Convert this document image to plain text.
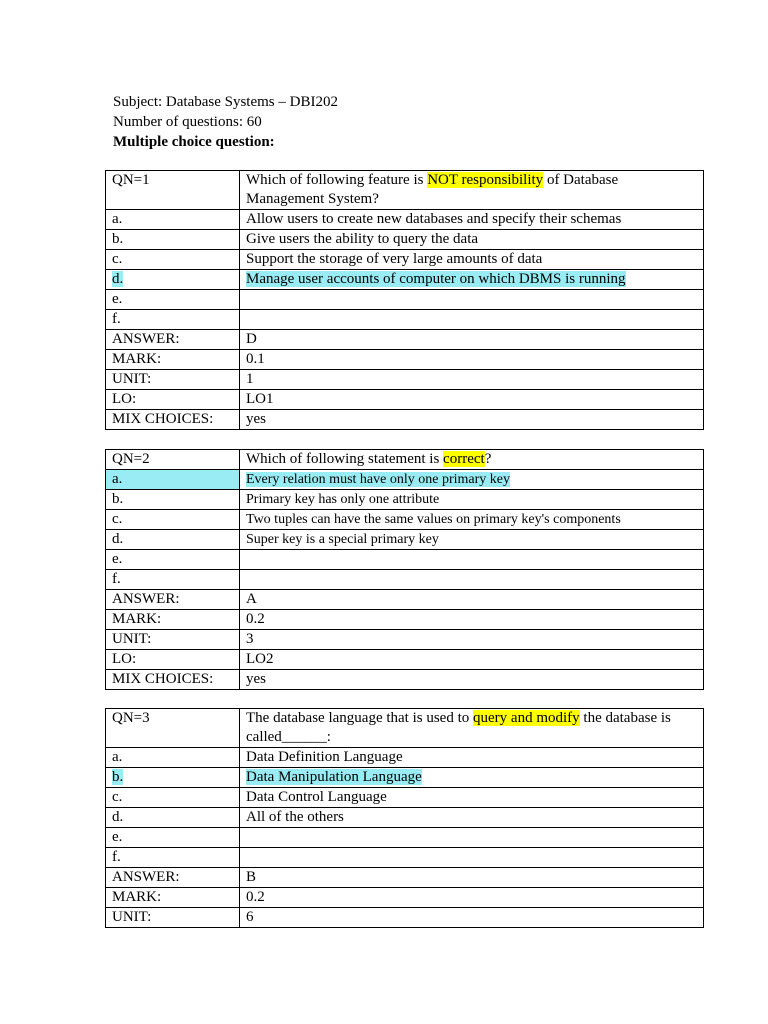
Subject: Database Systems – DBI202
Number of questions: 60
Multiple choice question:
QN=1	Which of following feature is NOT responsibility of Database Management System?
a.	Allow users to create new databases and specify their schemas
b.	Give users the ability to query the data
c.	Support the storage of very large amounts of data
d.	Manage user accounts of computer on which DBMS is running
e.	
f.	
ANSWER:	D
MARK:	0.1
UNIT:	1
LO:	LO1
MIX CHOICES:	yes
QN=2	Which of following statement is correct?
a.	Every relation must have only one primary key
b.	Primary key has only one attribute
c.	Two tuples can have the same values on primary key's components
d.	Super key is a special primary key
e.	
f.	
ANSWER:	A
MARK:	0.2
UNIT:	3
LO:	LO2
MIX CHOICES:	yes
QN=3	The database language that is used to query and modify the database is called______:
a.	Data Definition Language
b.	Data Manipulation Language
c.	Data Control Language
d.	All of the others
e.	
f.	
ANSWER:	B
MARK:	0.2
UNIT:	6
